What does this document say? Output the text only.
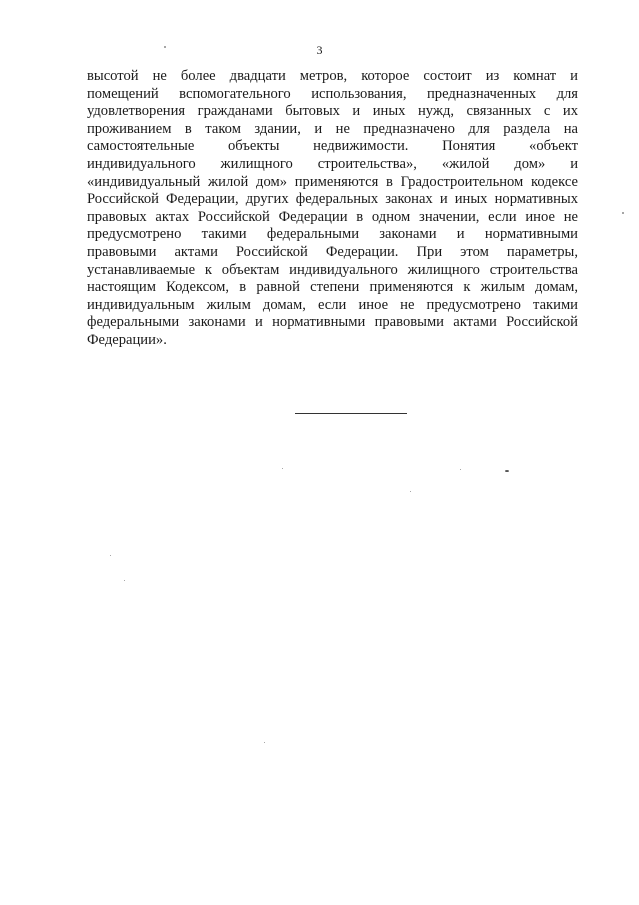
3
высотой не более двадцати метров, которое состоит из комнат и
помещений вспомогательного использования, предназначенных для
удовлетворения гражданами бытовых и иных нужд, связанных с их
проживанием в таком здании, и не предназначено для раздела на
самостоятельные объекты недвижимости. Понятия «объект
индивидуального жилищного строительства», «жилой дом» и
«индивидуальный жилой дом» применяются в Градостроительном кодексе
Российской Федерации, других федеральных законах и иных нормативных
правовых актах Российской Федерации в одном значении, если иное не
предусмотрено такими федеральными законами и нормативными
правовыми актами Российской Федерации. При этом параметры,
устанавливаемые к объектам индивидуального жилищного строительства
настоящим Кодексом, в равной степени применяются к жилым домам,
индивидуальным жилым домам, если иное не предусмотрено такими
федеральными законами и нормативными правовыми актами Российской
Федерации».
